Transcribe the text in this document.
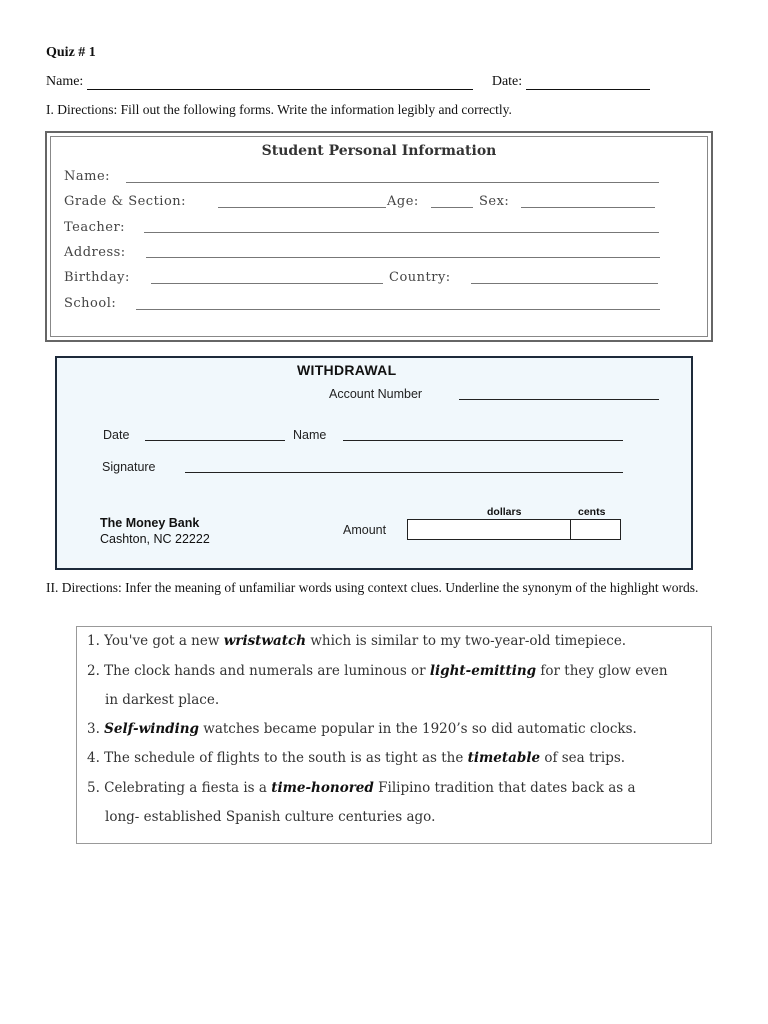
Quiz # 1
Name:	Date:
I. Directions: Fill out the following forms. Write the information legibly and correctly.
Student Personal Information
Name:
Grade & Section:	Age:	Sex:
Teacher:
Address:
Birthday:	Country:
School:
WITHDRAWAL
Account Number
Date	Name
Signature
The Money Bank
Cashton, NC 22222
dollars	cents
Amount
II. Directions: Infer the meaning of unfamiliar words using context clues. Underline the synonym of the highlight words.
1. You've got a new wristwatch which is similar to my two-year-old timepiece.
2. The clock hands and numerals are luminous or light-emitting for they glow even
in darkest place.
3. Self-winding watches became popular in the 1920’s so did automatic clocks.
4. The schedule of flights to the south is as tight as the timetable of sea trips.
5. Celebrating a fiesta is a time-honored Filipino tradition that dates back as a
long- established Spanish culture centuries ago.
